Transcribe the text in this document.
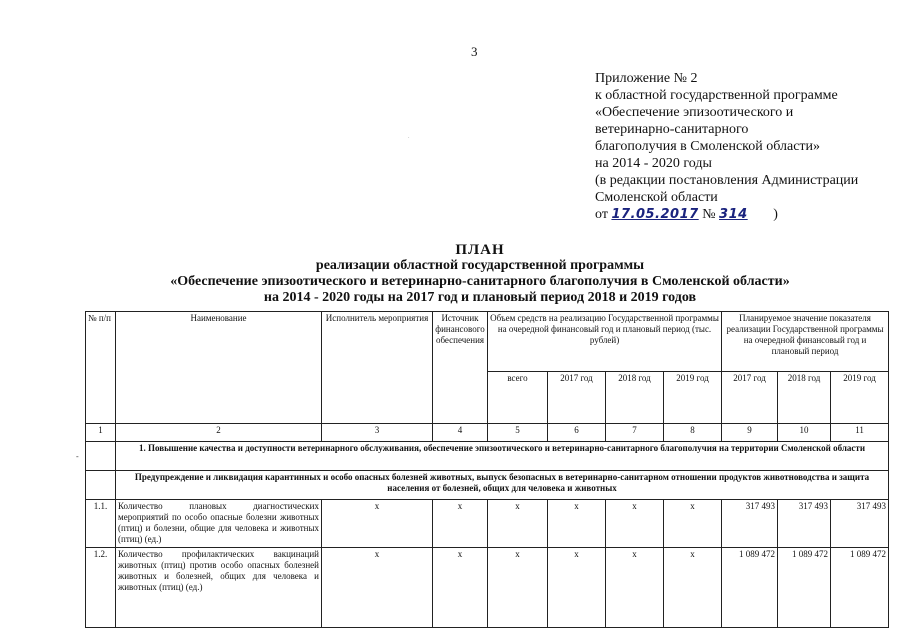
3
.
Приложение № 2
к областной государственной программе
«Обеспечение эпизоотического и
ветеринарно-санитарного
благополучия в Смоленской области»
на 2014 - 2020 годы
(в редакции постановления Администрации
Смоленской области
от 17.05.2017 № 314 )
ПЛАН
реализации областной государственной программы
«Обеспечение эпизоотического и ветеринарно-санитарного благополучия в Смоленской области»
на 2014 - 2020 годы на 2017 год и плановый период 2018 и 2019 годов
-
№ п/п	Наименование	Исполнитель мероприятия	Источник финансового обеспечения	Объем средств на реализацию Государственной программы на очередной финансовый год и плановый период (тыс. рублей)				Планируемое значение показателя реализации Государственной программы на очередной финансовый год и плановый период		
				всего	2017 год	2018 год	2019 год	2017 год	2018 год	2019 год
1	2	3	4	5	6	7	8	9	10	11
	1. Повышение качества и доступности ветеринарного обслуживания, обеспечение эпизоотического и ветеринарно-санитарного благополучия на территории Смоленской области									
	Предупреждение и ликвидация карантинных и особо опасных болезней животных, выпуск безопасных в ветеринарно-санитарном отношении продуктов животноводства и защита населения от болезней, общих для человека и животных									
1.1.	Количество плановых диагностических мероприятий по особо опасные болезни животных (птиц) и болезни, общие для человека и животных (птиц) (ед.)	x	x	x	x	x	x	317 493	317 493	317 493
1.2.	Количество профилактических вакцинаций животных (птиц) против особо опасных болезней животных и болезней, общих для человека и животных (птиц) (ед.)	x	x	x	x	x	x	1 089 472	1 089 472	1 089 472
